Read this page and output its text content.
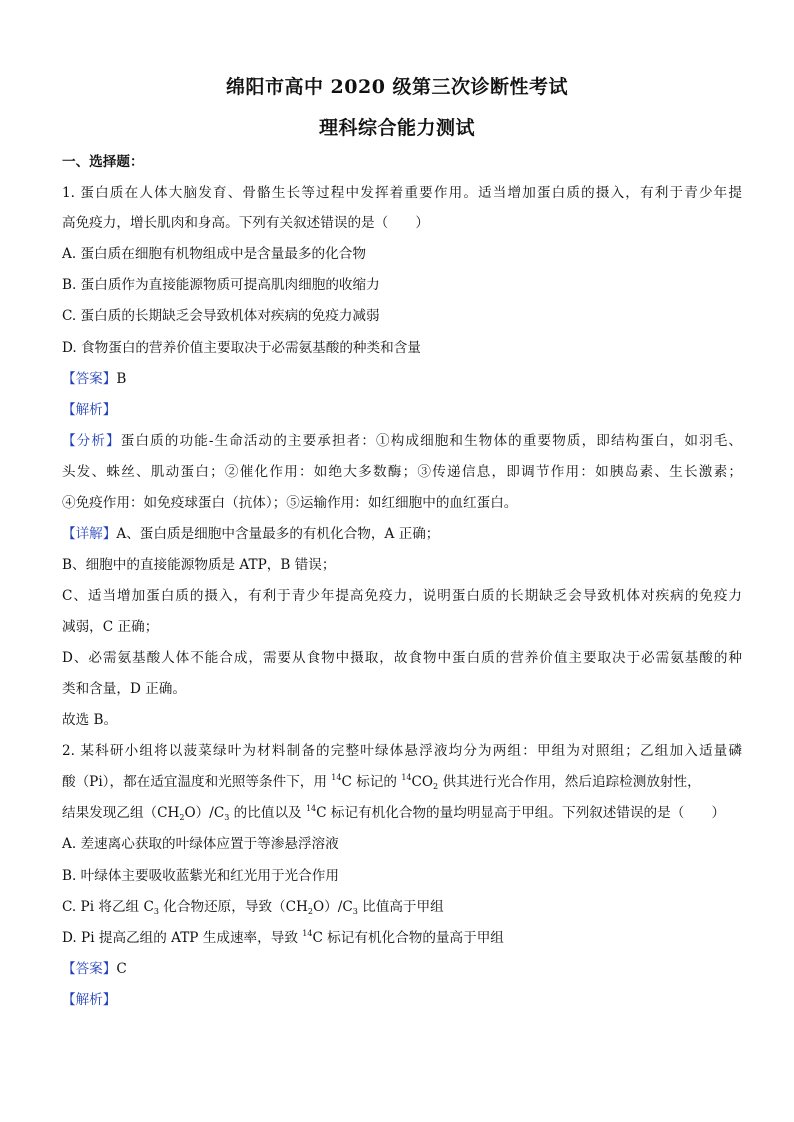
绵阳市高中 2020 级第三次诊断性考试
理科综合能力测试
一、选择题：
1. 蛋白质在人体大脑发育、骨骼生长等过程中发挥着重要作用。适当增加蛋白质的摄入，有利于青少年提
高免疫力，增长肌肉和身高。下列有关叙述错误的是（　　）
A. 蛋白质在细胞有机物组成中是含量最多的化合物
B. 蛋白质作为直接能源物质可提高肌肉细胞的收缩力
C. 蛋白质的长期缺乏会导致机体对疾病的免疫力减弱
D. 食物蛋白的营养价值主要取决于必需氨基酸的种类和含量
【答案】B
【解析】
【分析】蛋白质的功能-生命活动的主要承担者：①构成细胞和生物体的重要物质，即结构蛋白，如羽毛、
头发、蛛丝、肌动蛋白；②催化作用：如绝大多数酶；③传递信息，即调节作用：如胰岛素、生长激素；
④免疫作用：如免疫球蛋白（抗体）；⑤运输作用：如红细胞中的血红蛋白。
【详解】A、蛋白质是细胞中含量最多的有机化合物，A 正确；
B、细胞中的直接能源物质是 ATP，B 错误；
C、适当增加蛋白质的摄入，有利于青少年提高免疫力，说明蛋白质的长期缺乏会导致机体对疾病的免疫力
减弱，C 正确；
D、必需氨基酸人体不能合成，需要从食物中摄取，故食物中蛋白质的营养价值主要取决于必需氨基酸的种
类和含量，D 正确。
故选 B。
2. 某科研小组将以菠菜绿叶为材料制备的完整叶绿体悬浮液均分为两组：甲组为对照组；乙组加入适量磷
酸（Pi），都在适宜温度和光照等条件下，用 $^{14}$C 标记的 $^{14}CO_2$ 供其进行光合作用，然后追踪检测放射性，
结果发现乙组$(CH_2O)/C_3$ 的比值以及 $^{14}$C 标记有机化合物的量均明显高于甲组。下列叙述错误的是（　　）
A. 差速离心获取的叶绿体应置于等渗悬浮溶液
B. 叶绿体主要吸收蓝紫光和红光用于光合作用
C. Pi 将乙组 $C_3$ 化合物还原，导致$(CH_2O)/C_3$ 比值高于甲组
D. Pi 提高乙组的 ATP 生成速率，导致 $^{14}$C 标记有机化合物的量高于甲组
【答案】C
【解析】
